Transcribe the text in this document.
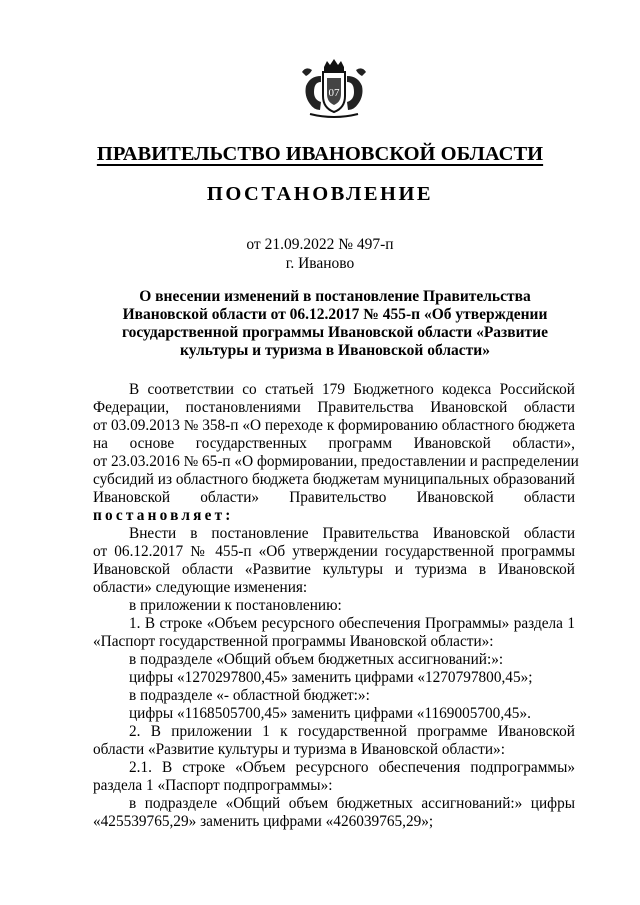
07
ПРАВИТЕЛЬСТВО ИВАНОВСКОЙ ОБЛАСТИ
ПОСТАНОВЛЕНИЕ
от 21.09.2022 № 497-п
г. Иваново
О внесении изменений в постановление Правительства Ивановской области от 06.12.2017 № 455-п «Об утверждении государственной программы Ивановской области «Развитие культуры и туризма в Ивановской области»
В соответствии со статьей 179 Бюджетного кодекса Российской
Федерации, постановлениями Правительства Ивановской области
от 03.09.2013 № 358-п «О переходе к формированию областного бюджета
на основе государственных программ Ивановской области»,
от 23.03.2016 № 65-п «О формировании, предоставлении и распределении
субсидий из областного бюджета бюджетам муниципальных образований
Ивановской области» Правительство Ивановской области
постановляет:
Внести в постановление Правительства Ивановской области
от 06.12.2017 № 455-п «Об утверждении государственной программы
Ивановской области «Развитие культуры и туризма в Ивановской
области» следующие изменения:
в приложении к постановлению:
1. В строке «Объем ресурсного обеспечения Программы» раздела 1
«Паспорт государственной программы Ивановской области»:
в подразделе «Общий объем бюджетных ассигнований:»:
цифры «1270297800,45» заменить цифрами «1270797800,45»;
в подразделе «- областной бюджет:»:
цифры «1168505700,45» заменить цифрами «1169005700,45».
2. В приложении 1 к государственной программе Ивановской
области «Развитие культуры и туризма в Ивановской области»:
2.1. В строке «Объем ресурсного обеспечения подпрограммы»
раздела 1 «Паспорт подпрограммы»:
в подразделе «Общий объем бюджетных ассигнований:» цифры
«425539765,29» заменить цифрами «426039765,29»;
